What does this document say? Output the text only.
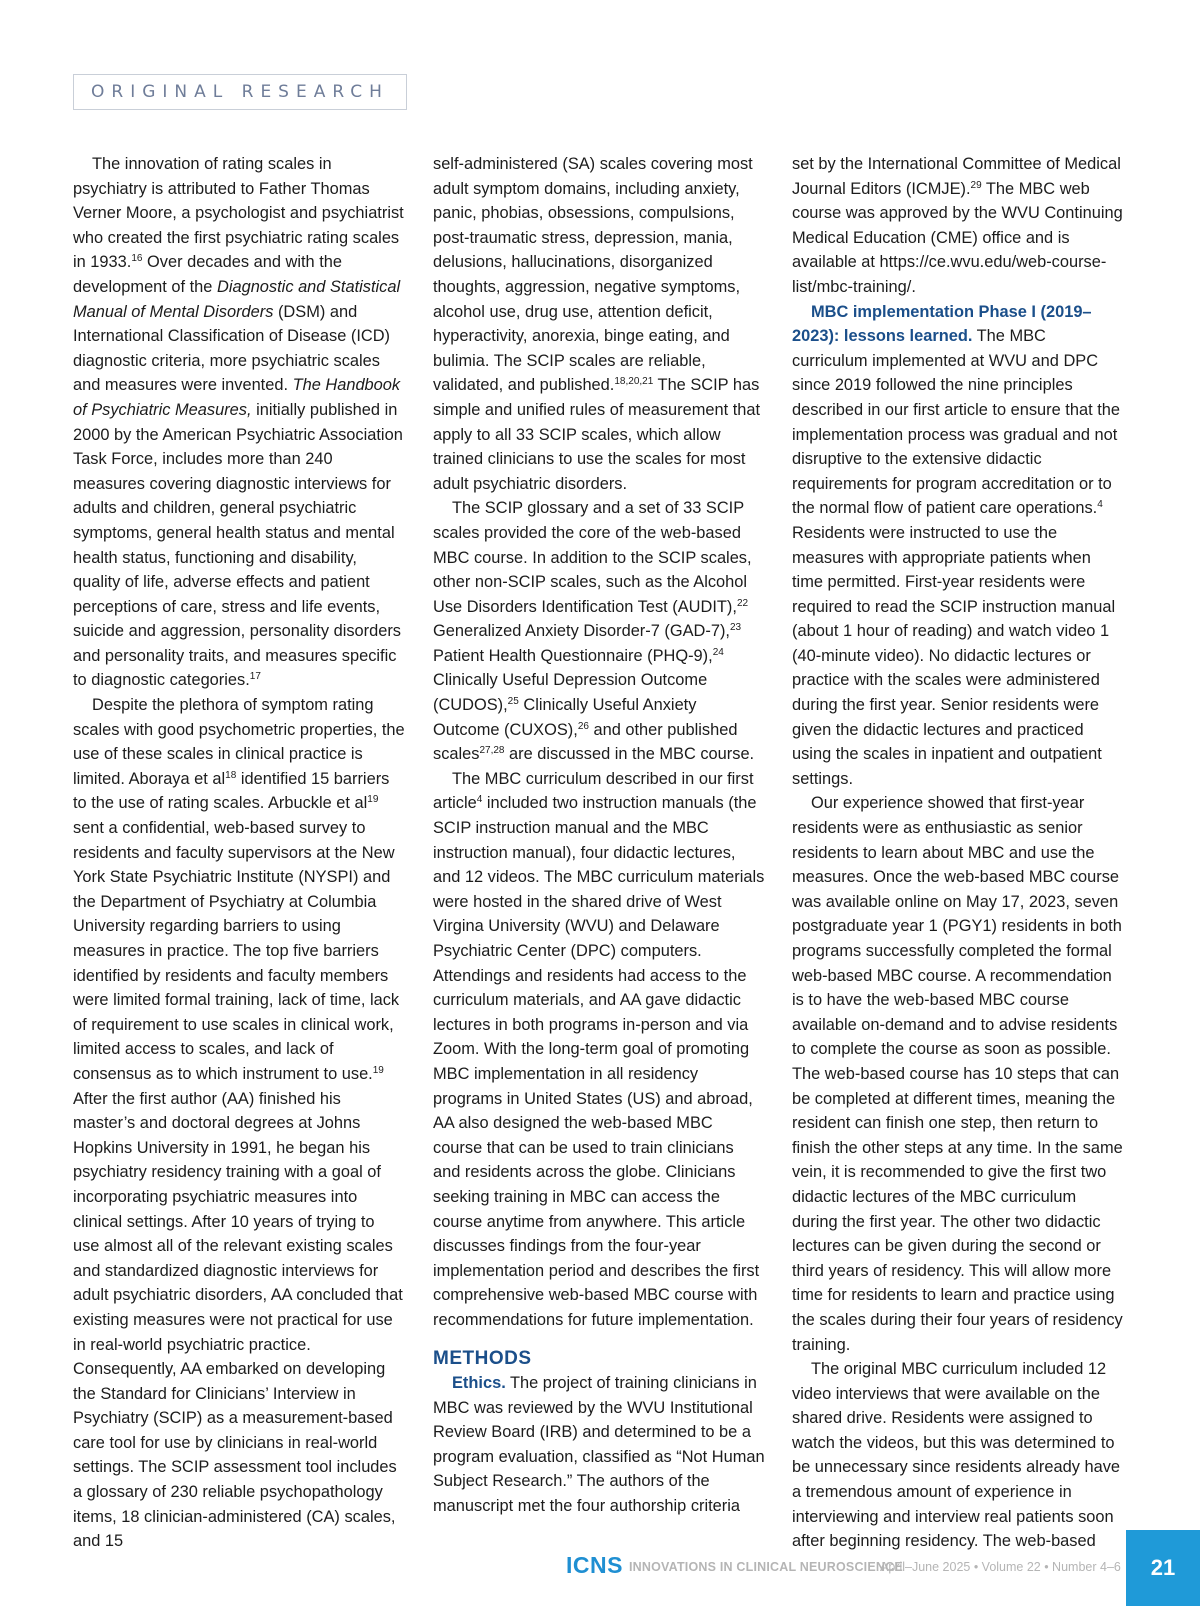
ORIGINAL RESEARCH

The innovation of rating scales in psychiatry is attributed to Father Thomas Verner Moore, a psychologist and psychiatrist who created the first psychiatric rating scales in 1933.16 Over decades and with the development of the Diagnostic and Statistical Manual of Mental Disorders (DSM) and International Classification of Disease (ICD) diagnostic criteria, more psychiatric scales and measures were invented. The Handbook of Psychiatric Measures, initially published in 2000 by the American Psychiatric Association Task Force, includes more than 240 measures covering diagnostic interviews for adults and children, general psychiatric symptoms, general health status and mental health status, functioning and disability, quality of life, adverse effects and patient perceptions of care, stress and life events, suicide and aggression, personality disorders and personality traits, and measures specific to diagnostic categories.$^{17}$

Despite the plethora of symptom rating scales with good psychometric properties, the use of these scales in clinical practice is limited. Aboraya et $al^{18}$ identified 15 barriers to the use of rating scales. Arbuckle et $al^{19}$ sent a confidential, web-based survey to residents and faculty supervisors at the New York State Psychiatric Institute (NYSPI) and the Department of Psychiatry at Columbia University regarding barriers to using measures in practice. The top five barriers identified by residents and faculty members were limited formal training, lack of time, lack of requirement to use scales in clinical work, limited access to scales, and lack of consensus as to which instrument to use.$^{19}$ After the first author (AA) finished his master’s and doctoral degrees at Johns Hopkins University in 1991, he began his psychiatry residency training with a goal of incorporating psychiatric measures into clinical settings. After 10 years of trying to use almost all of the relevant existing scales and standardized diagnostic interviews for adult psychiatric disorders, AA concluded that existing measures were not practical for use in real-world psychiatric practice. Consequently, AA embarked on developing the Standard for Clinicians’ Interview in Psychiatry (SCIP) as a measurement-based care tool for use by clinicians in real-world settings. The SCIP assessment tool includes a glossary of 230 reliable psychopathology items, 18 clinician-administered (CA) scales, and 15

self-administered (SA) scales covering most adult symptom domains, including anxiety, panic, phobias, obsessions, compulsions, post-traumatic stress, depression, mania, delusions, hallucinations, disorganized thoughts, aggression, negative symptoms, alcohol use, drug use, attention deficit, hyperactivity, anorexia, binge eating, and bulimia. The SCIP scales are reliable, validated, and published.$^{18,20,21}$ The SCIP has simple and unified rules of measurement that apply to all 33 SCIP scales, which allow trained clinicians to use the scales for most adult psychiatric disorders.

The SCIP glossary and a set of 33 SCIP scales provided the core of the web-based MBC course. In addition to the SCIP scales, other non-SCIP scales, such as the Alcohol Use Disorders Identification Test (AUDIT),$^{22}$ Generalized Anxiety Disorder-7 (GAD-7),$^{23}$ Patient Health Questionnaire (PHQ-9),$^{24}$ Clinically Useful Depression Outcome (CUDOS),$^{25}$ Clinically Useful Anxiety Outcome (CUXOS),$^{26}$ and other published scales$^{27,28}$ are discussed in the MBC course.

The MBC curriculum described in our first article$^4$ included two instruction manuals (the SCIP instruction manual and the MBC instruction manual), four didactic lectures, and 12 videos. The MBC curriculum materials were hosted in the shared drive of West Virgina University (WVU) and Delaware Psychiatric Center (DPC) computers. Attendings and residents had access to the curriculum materials, and AA gave didactic lectures in both programs in-person and via Zoom. With the long-term goal of promoting MBC implementation in all residency programs in United States (US) and abroad, AA also designed the web-based MBC course that can be used to train clinicians and residents across the globe. Clinicians seeking training in MBC can access the course anytime from anywhere. This article discusses findings from the four-year implementation period and describes the first comprehensive web-based MBC course with recommendations for future implementation.

METHODS

Ethics. The project of training clinicians in MBC was reviewed by the WVU Institutional Review Board (IRB) and determined to be a program evaluation, classified as “Not Human Subject Research.” The authors of the manuscript met the four authorship criteria

set by the International Committee of Medical Journal Editors (ICMJE).$^{29}$ The MBC web course was approved by the WVU Continuing Medical Education (CME) office and is available at https://ce.wvu.edu/web-course-list/mbc-training/.

MBC implementation Phase I (2019–2023): lessons learned. The MBC curriculum implemented at WVU and DPC since 2019 followed the nine principles described in our first article to ensure that the implementation process was gradual and not disruptive to the extensive didactic requirements for program accreditation or to the normal flow of patient care operations.$^4$ Residents were instructed to use the measures with appropriate patients when time permitted. First-year residents were required to read the SCIP instruction manual (about 1 hour of reading) and watch video 1 (40-minute video). No didactic lectures or practice with the scales were administered during the first year. Senior residents were given the didactic lectures and practiced using the scales in inpatient and outpatient settings.

Our experience showed that first-year residents were as enthusiastic as senior residents to learn about MBC and use the measures. Once the web-based MBC course was available online on May 17, 2023, seven postgraduate year 1 (PGY1) residents in both programs successfully completed the formal web-based MBC course. A recommendation is to have the web-based MBC course available on-demand and to advise residents to complete the course as soon as possible. The web-based course has 10 steps that can be completed at different times, meaning the resident can finish one step, then return to finish the other steps at any time. In the same vein, it is recommended to give the first two didactic lectures of the MBC curriculum during the first year. The other two didactic lectures can be given during the second or third years of residency. This will allow more time for residents to learn and practice using the scales during their four years of residency training.

The original MBC curriculum included 12 video interviews that were available on the shared drive. Residents were assigned to watch the videos, but this was determined to be unnecessary since residents already have a tremendous amount of experience in interviewing and interview real patients soon after beginning residency. The web-based

ICNS INNOVATIONS IN CLINICAL NEUROSCIENCE
April–June 2025 • Volume 22 • Number 4–6	21
